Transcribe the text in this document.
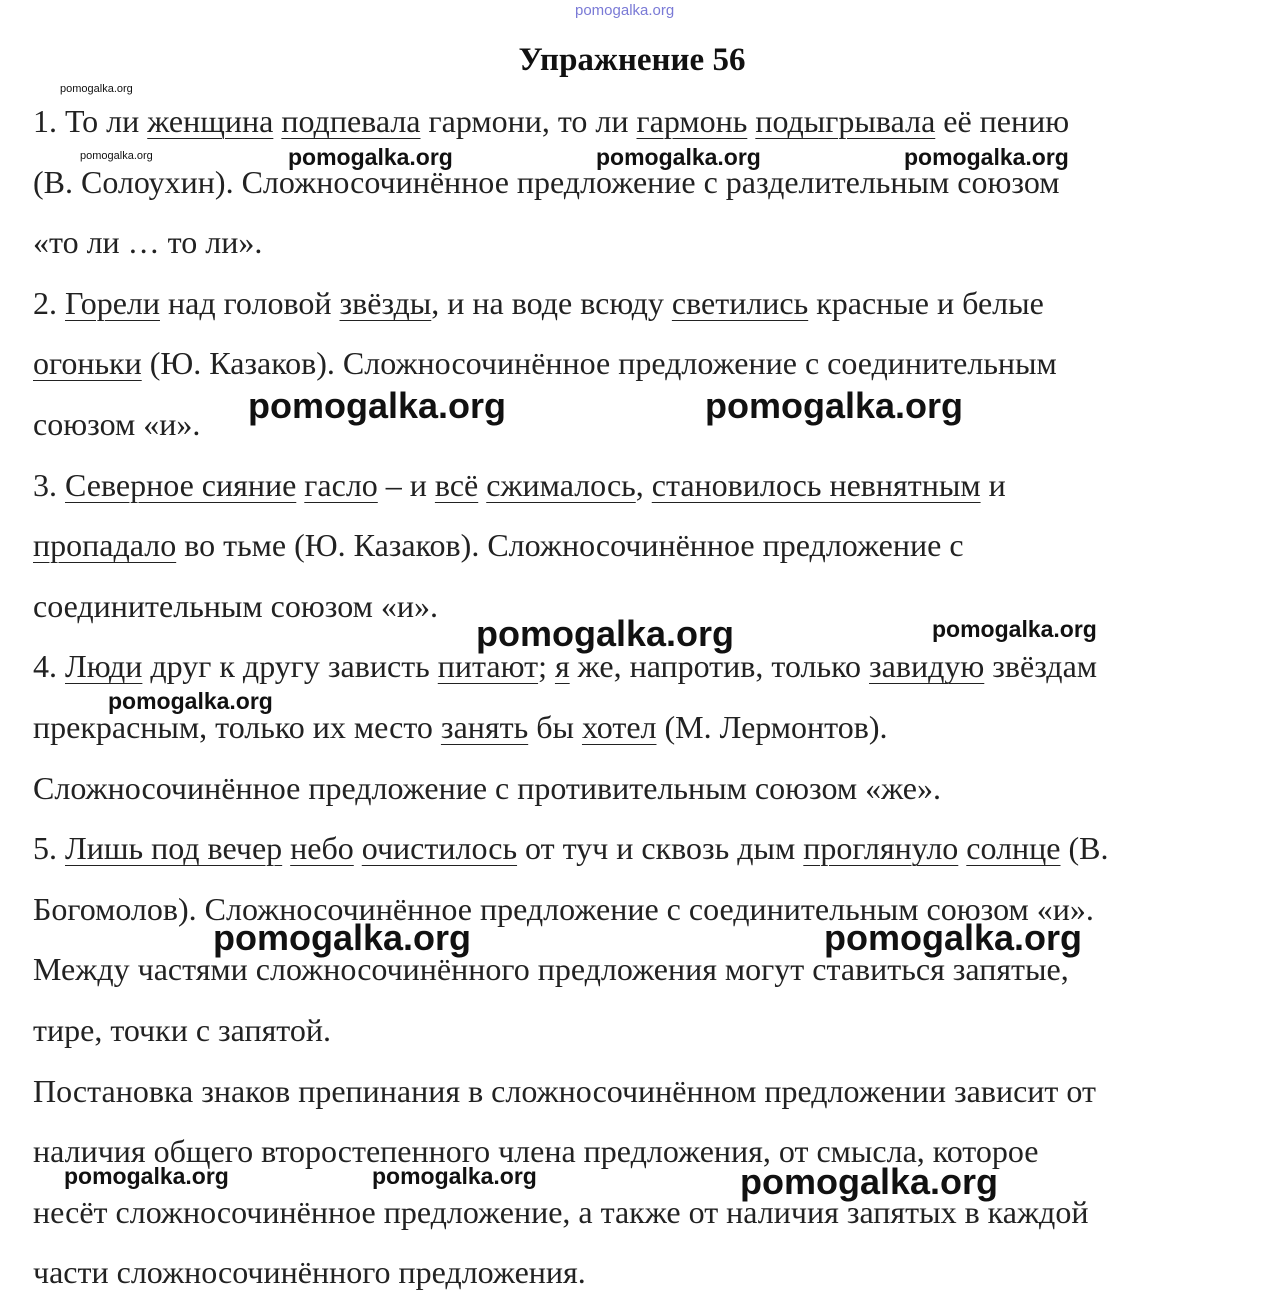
pomogalka.org
pomogalka.org
pomogalka.org	pomogalka.org	pomogalka.org	pomogalka.org
pomogalka.org	pomogalka.org
pomogalka.org	pomogalka.org
pomogalka.org
pomogalka.org	pomogalka.org
pomogalka.org	pomogalka.org	pomogalka.org
Упражнение 56
1. То ли женщина подпевала гармони, то ли гармонь подыгрывала её пению
(В. Солоухин). Сложносочинённое предложение с разделительным союзом
«то ли … то ли».
2. Горели над головой звёзды, и на воде всюду светились красные и белые
огоньки (Ю. Казаков). Сложносочинённое предложение с соединительным
союзом «и».
3. Северное сияние гасло – и всё сжималось, становилось невнятным и
пропадало во тьме (Ю. Казаков). Сложносочинённое предложение с
соединительным союзом «и».
4. Люди друг к другу зависть питают; я же, напротив, только завидую звёздам
прекрасным, только их место занять бы хотел (М. Лермонтов).
Сложносочинённое предложение с противительным союзом «же».
5. Лишь под вечер небо очистилось от туч и сквозь дым проглянуло солнце (В.
Богомолов). Сложносочинённое предложение с соединительным союзом «и».
Между частями сложносочинённого предложения могут ставиться запятые,
тире, точки с запятой.
Постановка знаков препинания в сложносочинённом предложении зависит от
наличия общего второстепенного члена предложения, от смысла, которое
несёт сложносочинённое предложение, а также от наличия запятых в каждой
части сложносочинённого предложения.
